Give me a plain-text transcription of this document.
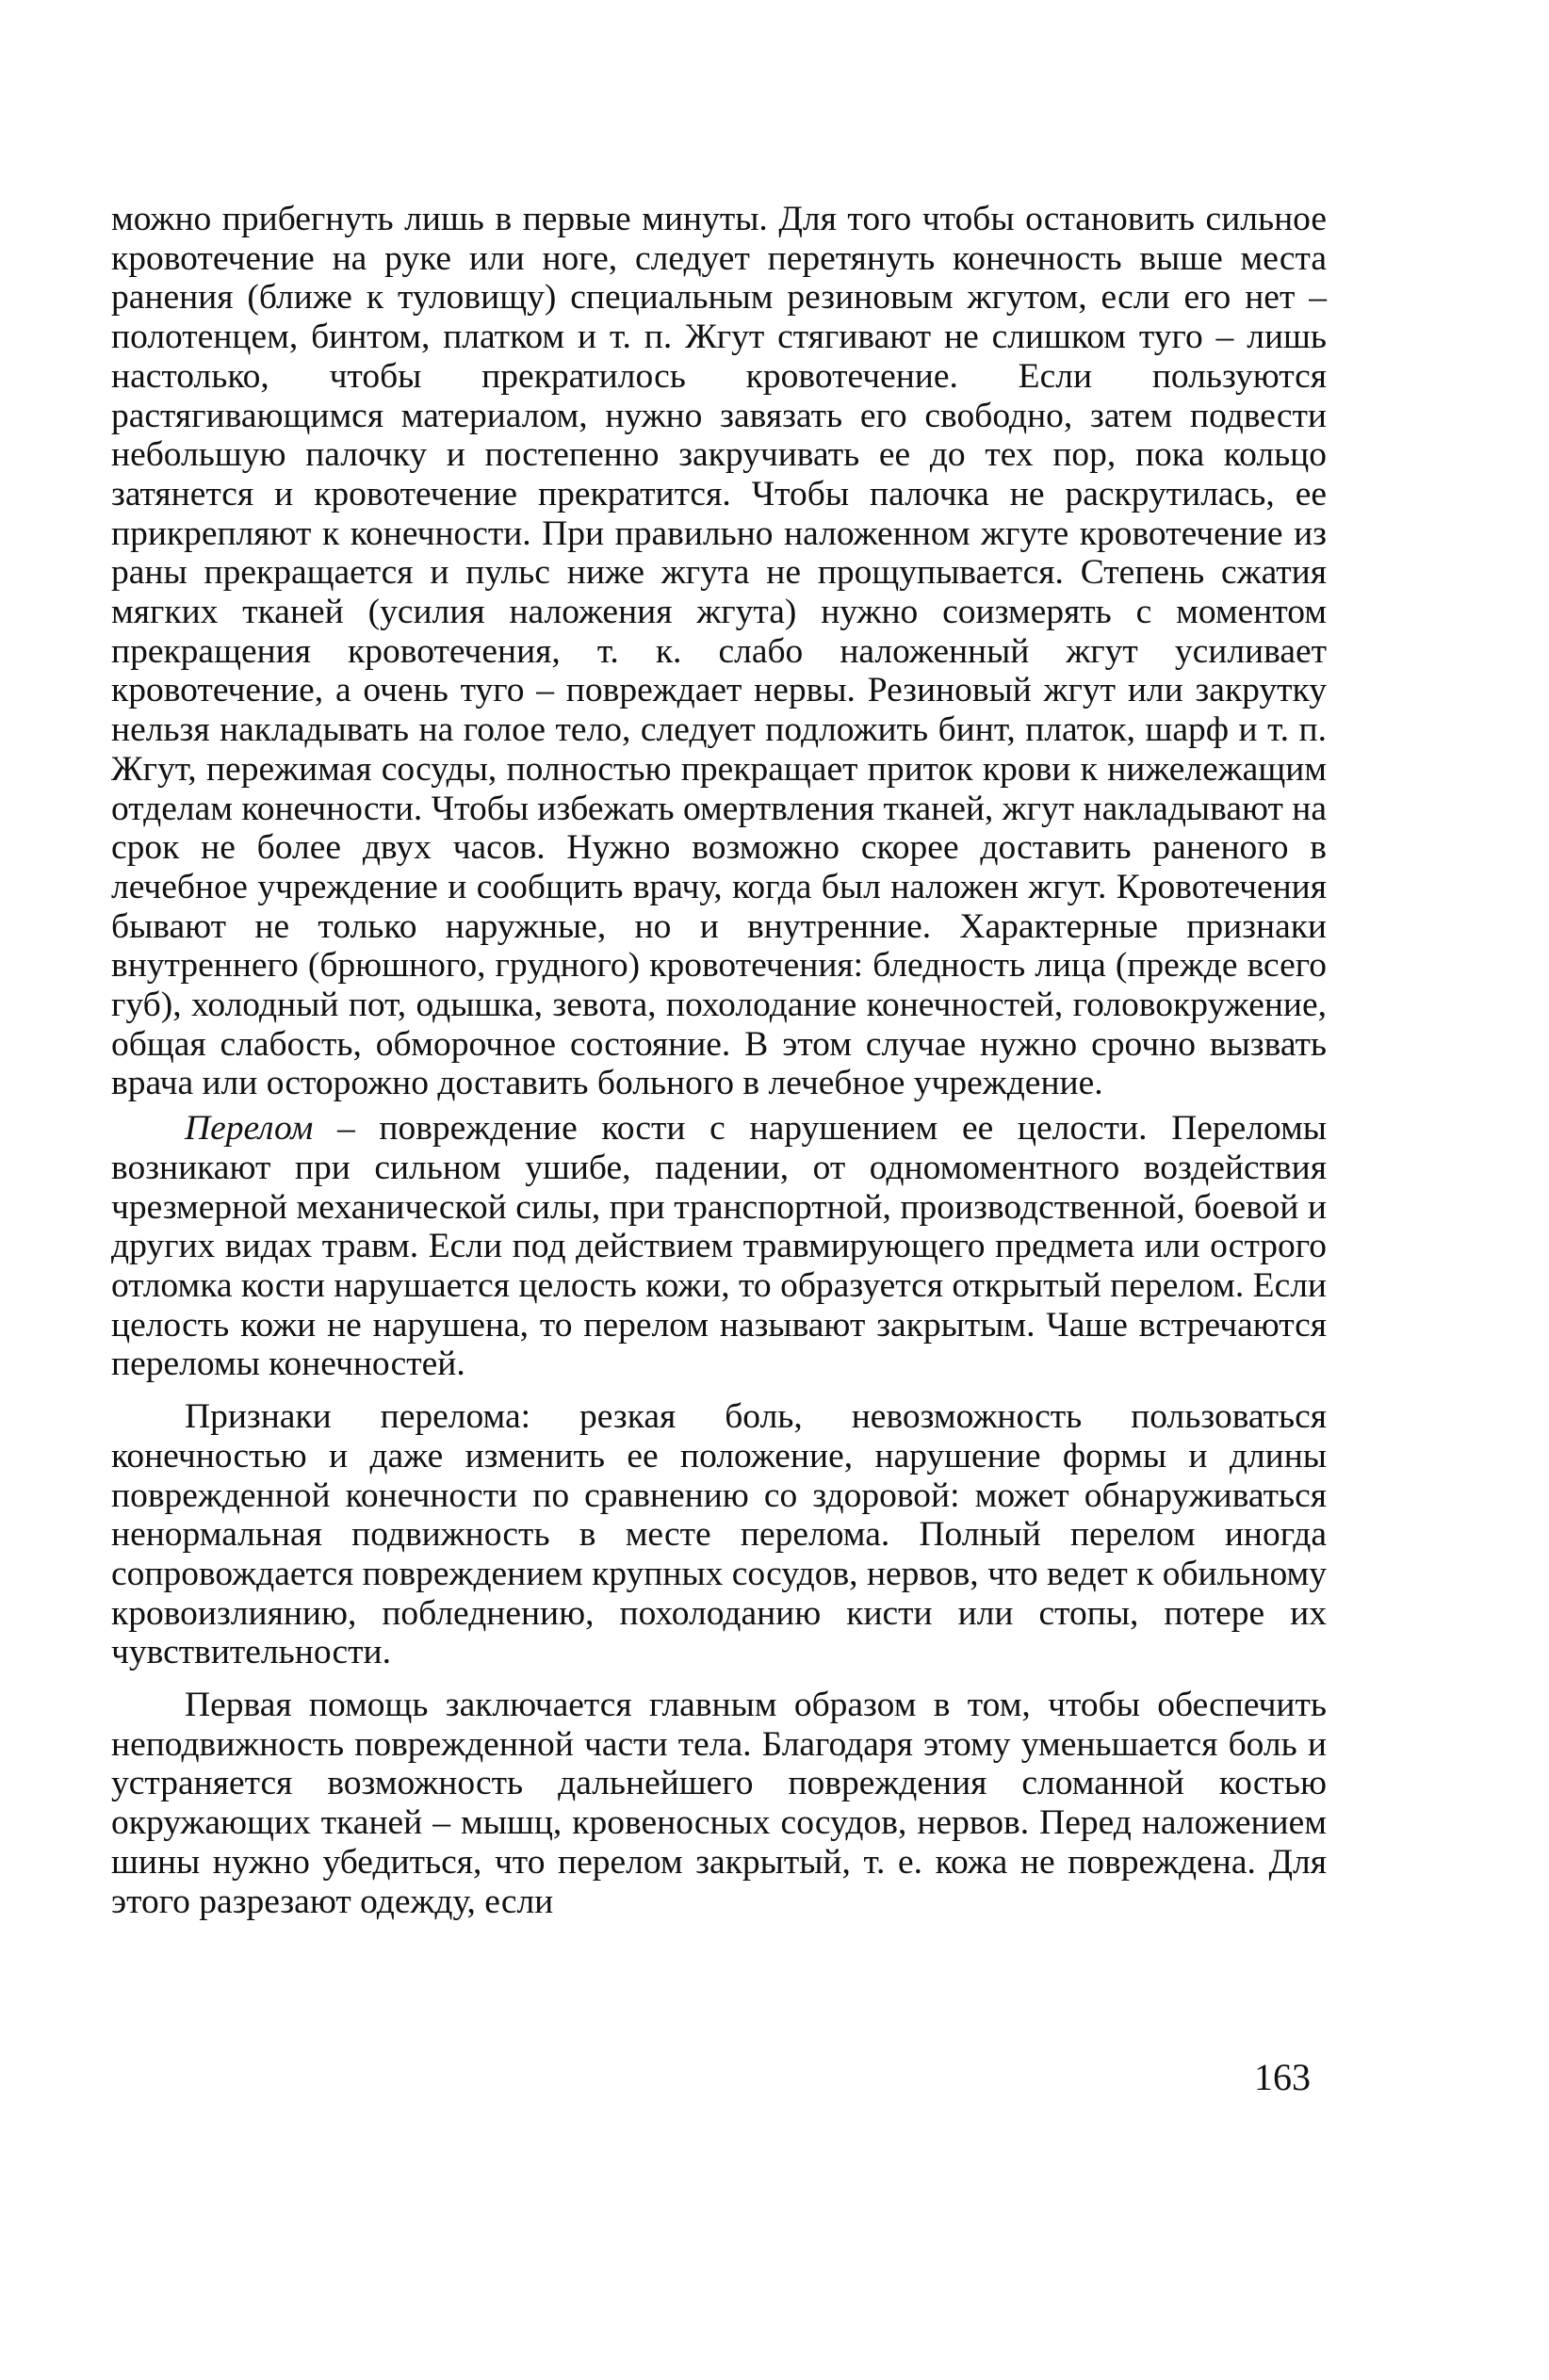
можно прибегнуть лишь в первые минуты. Для того чтобы остановить сильное кровотечение на руке или ноге, следует перетянуть конечность выше места ранения (ближе к туловищу) специальным резиновым жгутом, если его нет – полотенцем, бинтом, платком и т. п. Жгут стягивают не слишком туго – лишь настолько, чтобы прекратилось кровотечение. Если пользуются растягивающимся материалом, нужно завязать его свободно, затем подвести небольшую палочку и постепенно закручивать ее до тех пор, пока кольцо затянется и кровотечение прекратится. Чтобы палочка не раскрутилась, ее прикрепляют к конечности. При правильно наложенном жгуте кровотечение из раны прекращается и пульс ниже жгута не прощупывается. Степень сжатия мягких тканей (усилия наложения жгута) нужно соизмерять с моментом прекращения кровотечения, т. к. слабо наложенный жгут усиливает кровотечение, а очень туго – повреждает нервы. Резиновый жгут или закрутку нельзя накладывать на голое тело, следует подложить бинт, платок, шарф и т. п. Жгут, пережимая сосуды, полностью прекращает приток крови к нижележащим отделам конечности. Чтобы избежать омертвления тканей, жгут накладывают на срок не более двух часов. Нужно возможно скорее доставить раненого в лечебное учреждение и сообщить врачу, когда был наложен жгут. Кровотечения бывают не только наружные, но и внутренние. Характерные признаки внутреннего (брюшного, грудного) кровотечения: бледность лица (прежде всего губ), холодный пот, одышка, зевота, похолодание конечностей, головокружение, общая слабость, обморочное состояние. В этом случае нужно срочно вызвать врача или осторожно доставить больного в лечебное учреждение.

Перелом – повреждение кости с нарушением ее целости. Переломы возникают при сильном ушибе, падении, от одномоментного воздействия чрезмерной механической силы, при транспортной, производственной, боевой и других видах травм. Если под действием травмирующего предмета или острого отломка кости нарушается целость кожи, то образуется открытый перелом. Если целость кожи не нарушена, то перелом называют закрытым. Чаше встречаются переломы конечностей.

Признаки перелома: резкая боль, невозможность пользоваться конечностью и даже изменить ее положение, нарушение формы и длины поврежденной конечности по сравнению со здоровой: может обнаруживаться ненормальная подвижность в месте перелома. Полный перелом иногда сопровождается повреждением крупных сосудов, нервов, что ведет к обильному кровоизлиянию, побледнению, похолоданию кисти или стопы, потере их чувствительности.

Первая помощь заключается главным образом в том, чтобы обеспечить неподвижность поврежденной части тела. Благодаря этому уменьшается боль и устраняется возможность дальнейшего повреждения сломанной костью окружающих тканей – мышц, кровеносных сосудов, нервов. Перед наложением шины нужно убедиться, что перелом закрытый, т. е. кожа не повреждена. Для этого разрезают одежду, если

163
